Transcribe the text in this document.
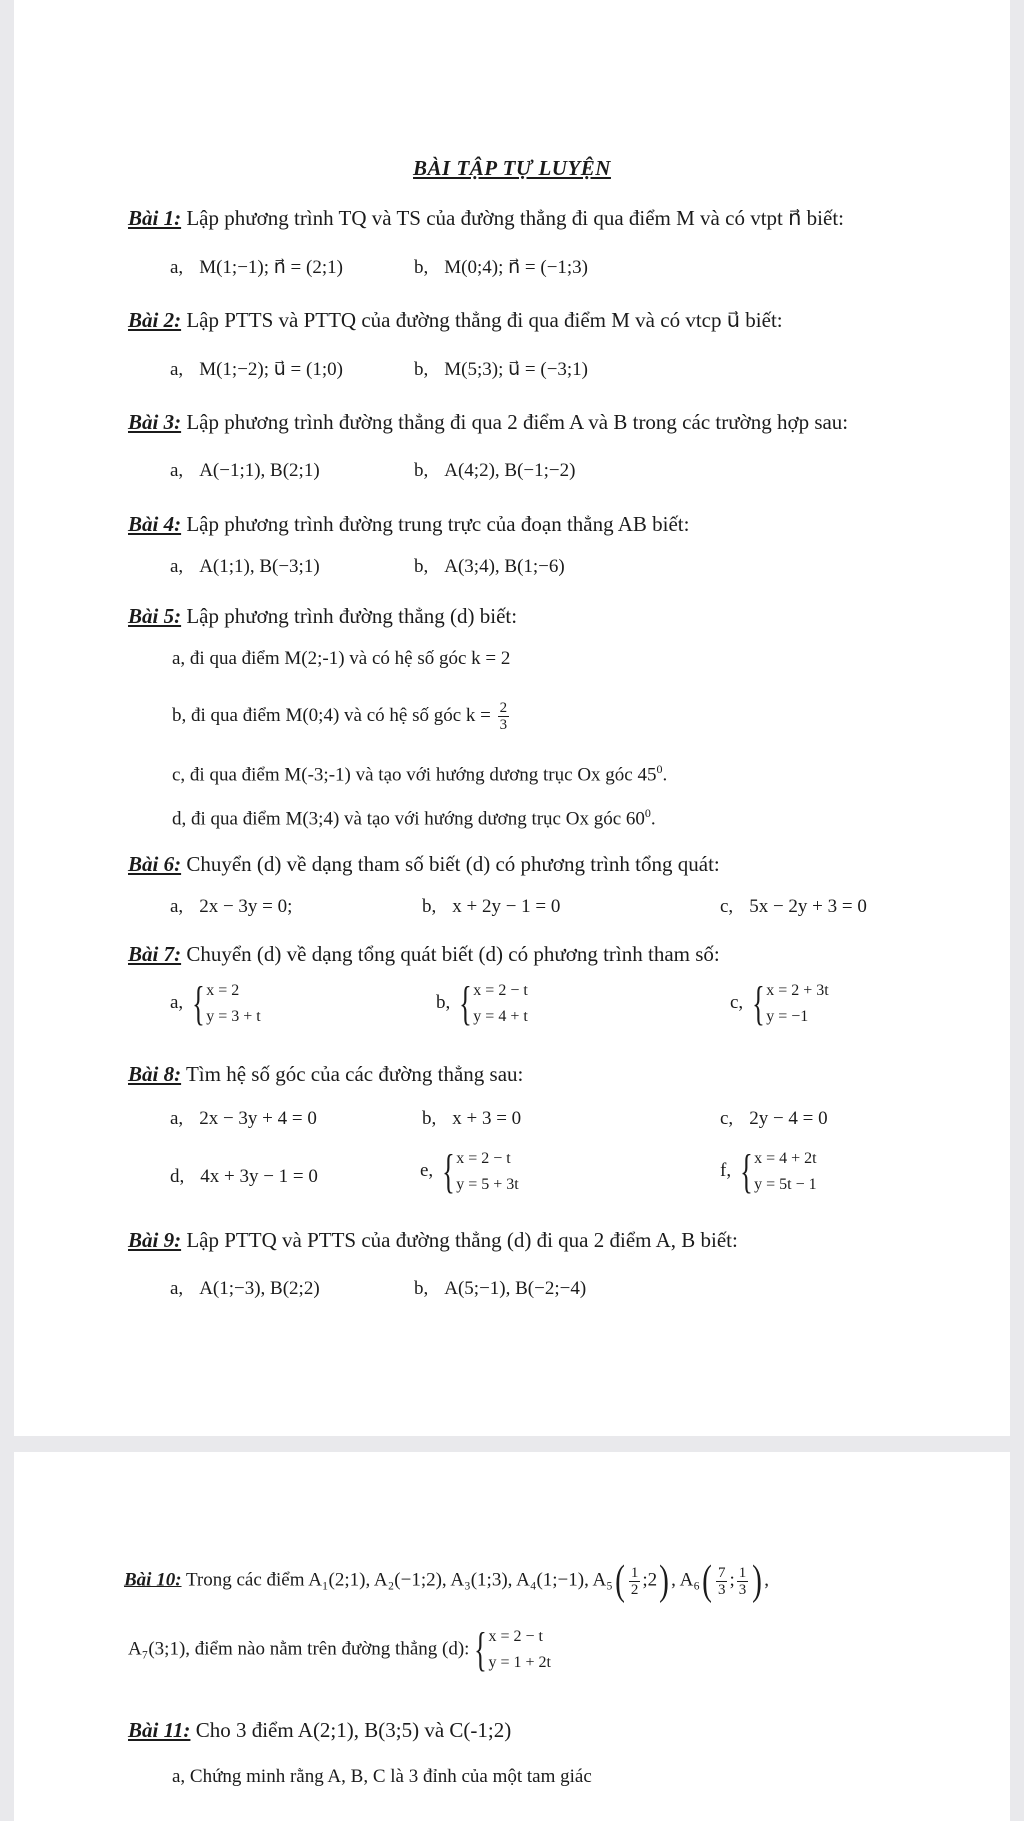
BÀI TẬP TỰ LUYỆN
Bài 1: Lập phương trình TQ và TS của đường thẳng đi qua điểm M và có vtpt n⃗ biết:
a, M(1;−1); n⃗ = (2;1)	b, M(0;4); n⃗ = (−1;3)
Bài 2: Lập PTTS và PTTQ của đường thẳng đi qua điểm M và có vtcp u⃗ biết:
a, M(1;−2); u⃗ = (1;0)	b, M(5;3); u⃗ = (−3;1)
Bài 3: Lập phương trình đường thẳng đi qua 2 điểm A và B trong các trường hợp sau:
a, A(−1;1), B(2;1)	b, A(4;2), B(−1;−2)
Bài 4: Lập phương trình đường trung trực của đoạn thẳng AB biết:
a, A(1;1), B(−3;1)	b, A(3;4), B(1;−6)
Bài 5: Lập phương trình đường thẳng (d) biết:
a, đi qua điểm M(2;-1) và có hệ số góc k = 2
b, đi qua điểm M(0;4) và có hệ số góc $k = \frac{2}{3}$
c, đi qua điểm M(-3;-1) và tạo với hướng dương trục Ox góc $45^0$.
d, đi qua điểm M(3;4) và tạo với hướng dương trục Ox góc $60^0$.
Bài 6: Chuyển (d) về dạng tham số biết (d) có phương trình tổng quát:
a, 2x − 3y = 0;	b, x + 2y − 1 = 0	c, 5x − 2y + 3 = 0
Bài 7: Chuyển (d) về dạng tổng quát biết (d) có phương trình tham số:
a, { x = 2
y = 3 + t
b, { x = 2 − t
y = 4 + t
c, { x = 2 + 3t
y = −1
Bài 8: Tìm hệ số góc của các đường thẳng sau:
a, 2x − 3y + 4 = 0	b, x + 3 = 0	c, 2y − 4 = 0
d, 4x + 3y − 1 = 0	e, { x = 2 − t
y = 5 + 3t
f, { x = 4 + 2t
y = 5t − 1
Bài 9: Lập PTTQ và PTTS của đường thẳng (d) đi qua 2 điểm A, B biết:
a, A(1;−3), B(2;2)	b, A(5;−1), B(−2;−4)
Bài 10: Trong các điểm A₁(2;1), A₂(−1;2), A₃(1;3), A₄(1;−1), $A_5( \frac{1}{2}$ ;2) , $A_6( \frac{7}{3}$ ; $\frac{1}{3}$ ) ,
A₇(3;1), điểm nào nằm trên đường thẳng (d): { x = 2 − t
y = 1 + 2t
Bài 11: Cho 3 điểm A(2;1), B(3;5) và C(-1;2)
a, Chứng minh rằng A, B, C là 3 đỉnh của một tam giác
